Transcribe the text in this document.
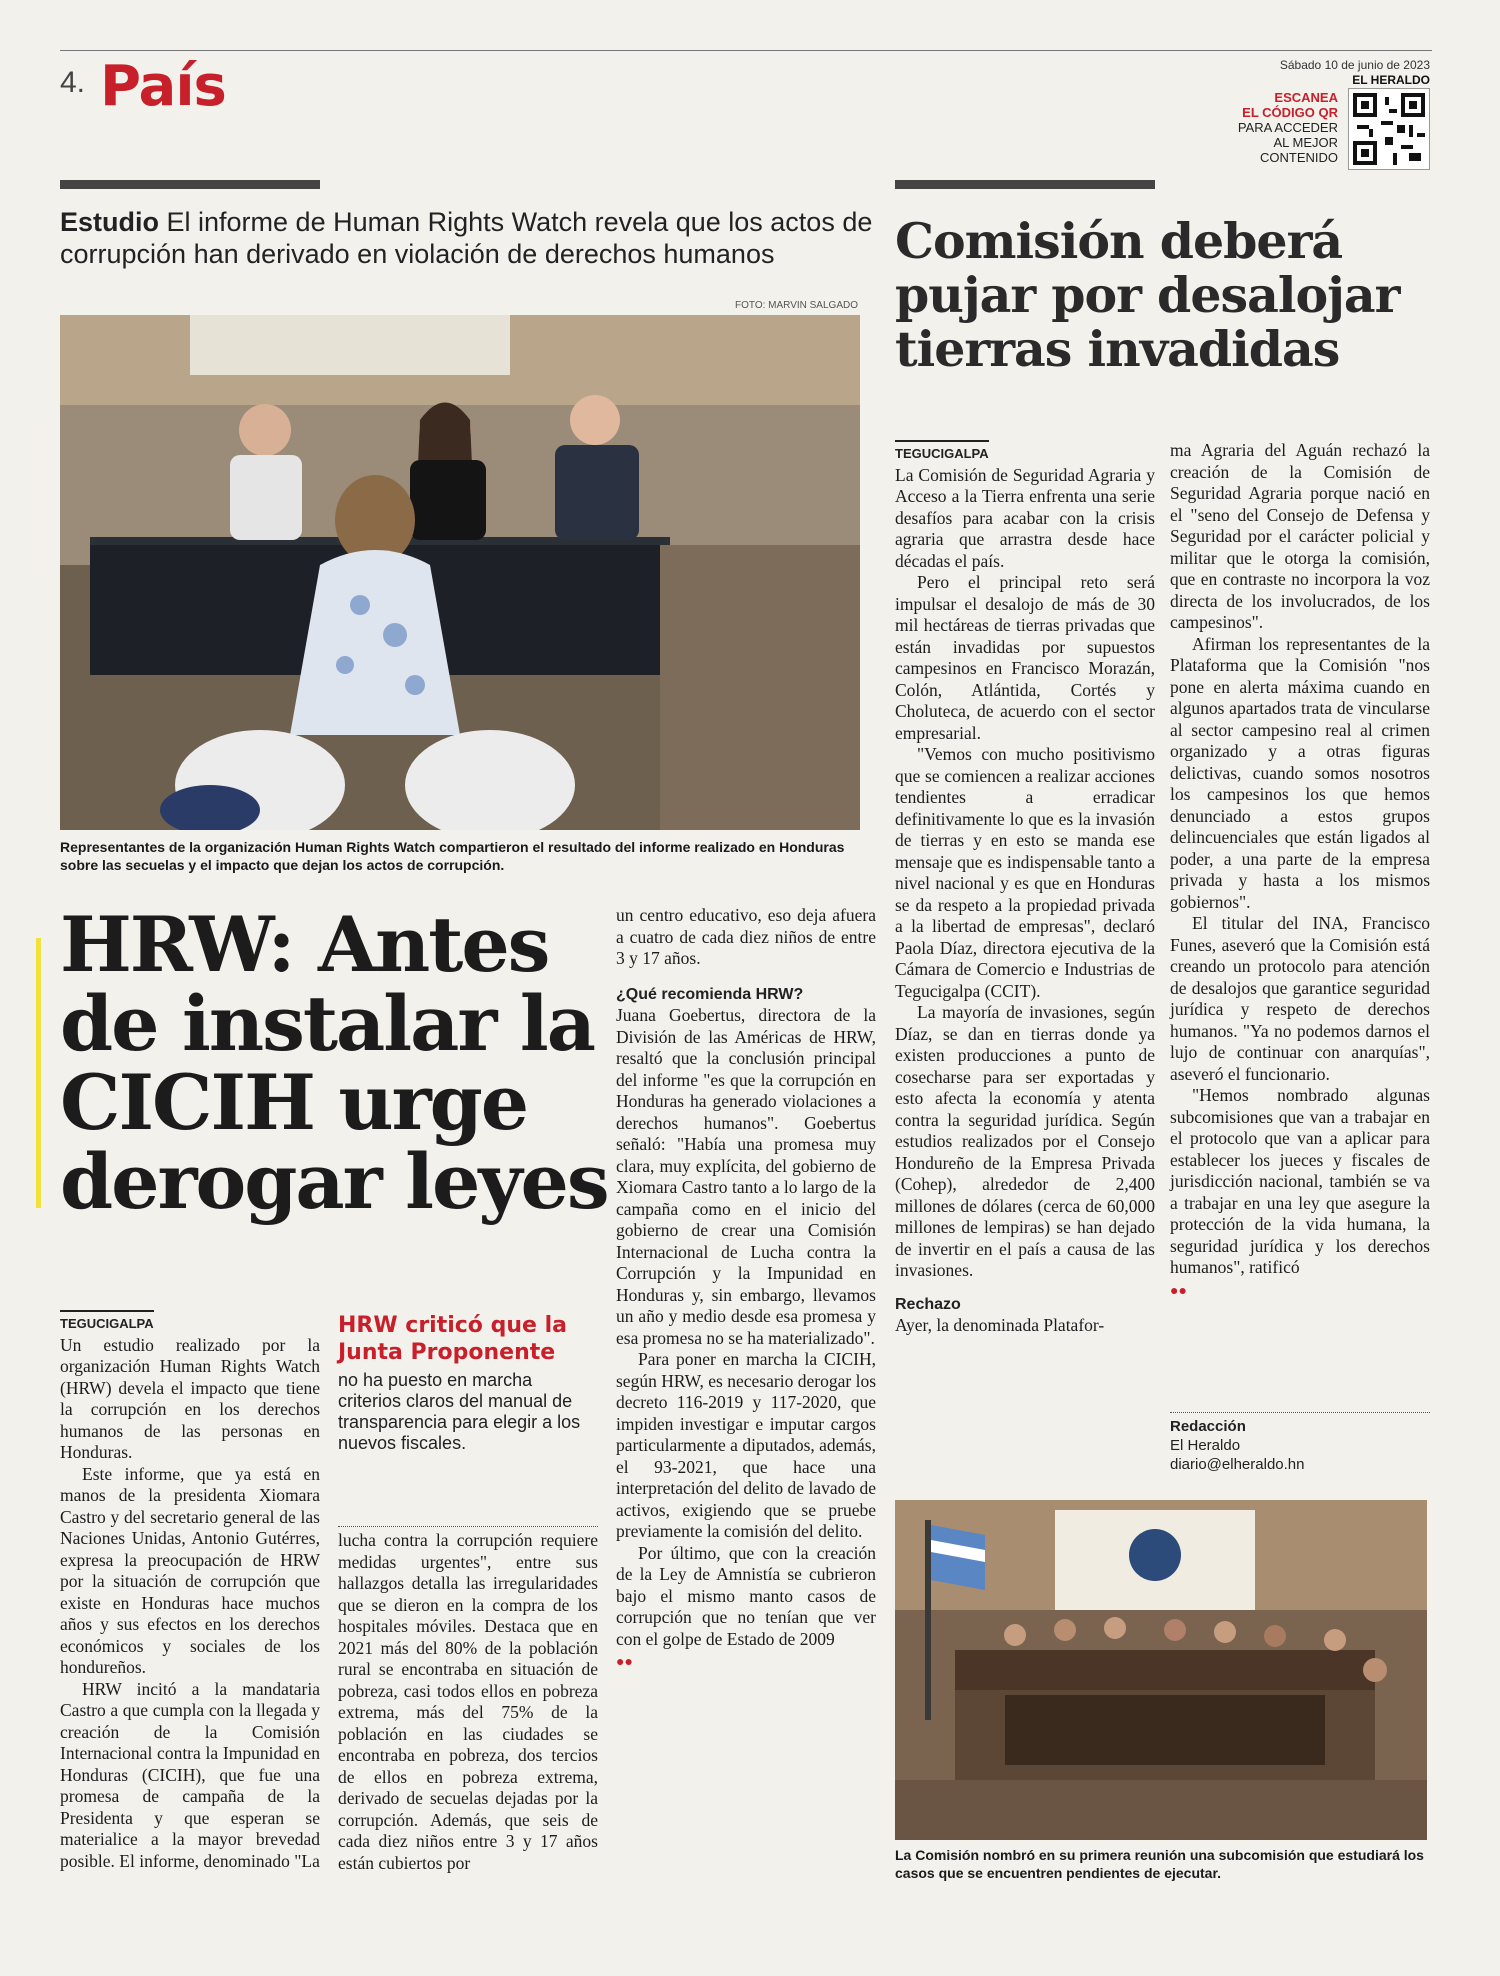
4. País	Sábado 10 de junio de 2023
EL HERALDO
ESCANEA
EL CÓDIGO QR
PARA ACCEDER
AL MEJOR
CONTENIDO
Estudio El informe de Human Rights Watch revela que los actos de corrupción han derivado en violación de derechos humanos
FOTO: MARVIN SALGADO
Representantes de la organización Human Rights Watch compartieron el resultado del informe realizado en Honduras sobre las secuelas y el impacto que dejan los actos de corrupción.
HRW: Antes de instalar la CICIH urge derogar leyes
TEGUCIGALPA

Un estudio realizado por la organización Human Rights Watch (HRW) devela el impacto que tiene la corrupción en los derechos humanos de las personas en Honduras.

Este informe, que ya está en manos de la presidenta Xiomara Castro y del secretario general de las Naciones Unidas, Antonio Gutérres, expresa la preocupación de HRW por la situación de corrupción que existe en Honduras hace muchos años y sus efectos en los derechos económicos y sociales de los hondureños.

HRW incitó a la mandataria Castro a que cumpla con la llegada y creación de la Comisión Internacional contra la Impunidad en Honduras (CICIH), que fue una promesa de campaña de la Presidenta y que esperan se materialice a la mayor brevedad posible. El informe, denominado "La

HRW criticó que la Junta Proponente
no ha puesto en marcha criterios claros del manual de transparencia para elegir a los nuevos fiscales.

lucha contra la corrupción requiere medidas urgentes", entre sus hallazgos detalla las irregularidades que se dieron en la compra de los hospitales móviles. Destaca que en 2021 más del 80% de la población rural se encontraba en situación de pobreza, casi todos ellos en pobreza extrema, más del 75% de la población en las ciudades se encontraba en pobreza, dos tercios de ellos en pobreza extrema, derivado de secuelas dejadas por la corrupción. Además, que seis de cada diez niños entre 3 y 17 años están cubiertos por

un centro educativo, eso deja afuera a cuatro de cada diez niños de entre 3 y 17 años.

¿Qué recomienda HRW?

Juana Goebertus, directora de la División de las Américas de HRW, resaltó que la conclusión principal del informe "es que la corrupción en Honduras ha generado violaciones a derechos humanos". Goebertus señaló: "Había una promesa muy clara, muy explícita, del gobierno de Xiomara Castro tanto a lo largo de la campaña como en el inicio del gobierno de crear una Comisión Internacional de Lucha contra la Corrupción y la Impunidad en Honduras y, sin embargo, llevamos un año y medio desde esa promesa y esa promesa no se ha materializado".

Para poner en marcha la CICIH, según HRW, es necesario derogar los decreto 116-2019 y 117-2020, que impiden investigar e imputar cargos particularmente a diputados, además, el 93-2021, que hace una interpretación del delito de lavado de activos, exigiendo que se pruebe previamente la comisión del delito.

Por último, que con la creación de la Ley de Amnistía se cubrieron bajo el mismo manto casos de corrupción que no tenían que ver con el golpe de Estado de 2009

●●
Comisión deberá pujar por desalojar tierras invadidas
TEGUCIGALPA

La Comisión de Seguridad Agraria y Acceso a la Tierra enfrenta una serie desafíos para acabar con la crisis agraria que arrastra desde hace décadas el país.

Pero el principal reto será impulsar el desalojo de más de 30 mil hectáreas de tierras privadas que están invadidas por supuestos campesinos en Francisco Morazán, Colón, Atlántida, Cortés y Choluteca, de acuerdo con el sector empresarial.

"Vemos con mucho positivismo que se comiencen a realizar acciones tendientes a erradicar definitivamente lo que es la invasión de tierras y en esto se manda ese mensaje que es indispensable tanto a nivel nacional y es que en Honduras se da respeto a la propiedad privada a la libertad de empresas", declaró Paola Díaz, directora ejecutiva de la Cámara de Comercio e Industrias de Tegucigalpa (CCIT).

La mayoría de invasiones, según Díaz, se dan en tierras donde ya existen producciones a punto de cosecharse para ser exportadas y esto afecta la economía y atenta contra la seguridad jurídica. Según estudios realizados por el Consejo Hondureño de la Empresa Privada (Cohep), alrededor de 2,400 millones de dólares (cerca de 60,000 millones de lempiras) se han dejado de invertir en el país a causa de las invasiones.

Rechazo

Ayer, la denominada Platafor-

ma Agraria del Aguán rechazó la creación de la Comisión de Seguridad Agraria porque nació en el "seno del Consejo de Defensa y Seguridad por el carácter policial y militar que le otorga la comisión, que en contraste no incorpora la voz directa de los involucrados, de los campesinos".

Afirman los representantes de la Plataforma que la Comisión "nos pone en alerta máxima cuando en algunos apartados trata de vincularse al sector campesino real al crimen organizado y a otras figuras delictivas, cuando somos nosotros los campesinos los que hemos denunciado a estos grupos delincuenciales que están ligados al poder, a una parte de la empresa privada y hasta a los mismos gobiernos".

El titular del INA, Francisco Funes, aseveró que la Comisión está creando un protocolo para atención de desalojos que garantice seguridad jurídica y respeto de derechos humanos. "Ya no podemos darnos el lujo de continuar con anarquías", aseveró el funcionario.

"Hemos nombrado algunas subcomisiones que van a trabajar en el protocolo que van a aplicar para establecer los jueces y fiscales de jurisdicción nacional, también se va a trabajar en una ley que asegure la protección de la vida humana, la seguridad jurídica y los derechos humanos", ratificó

●●
Redacción
El Heraldo
diario@elheraldo.hn
La Comisión nombró en su primera reunión una subcomisión que estudiará los casos que se encuentren pendientes de ejecutar.
